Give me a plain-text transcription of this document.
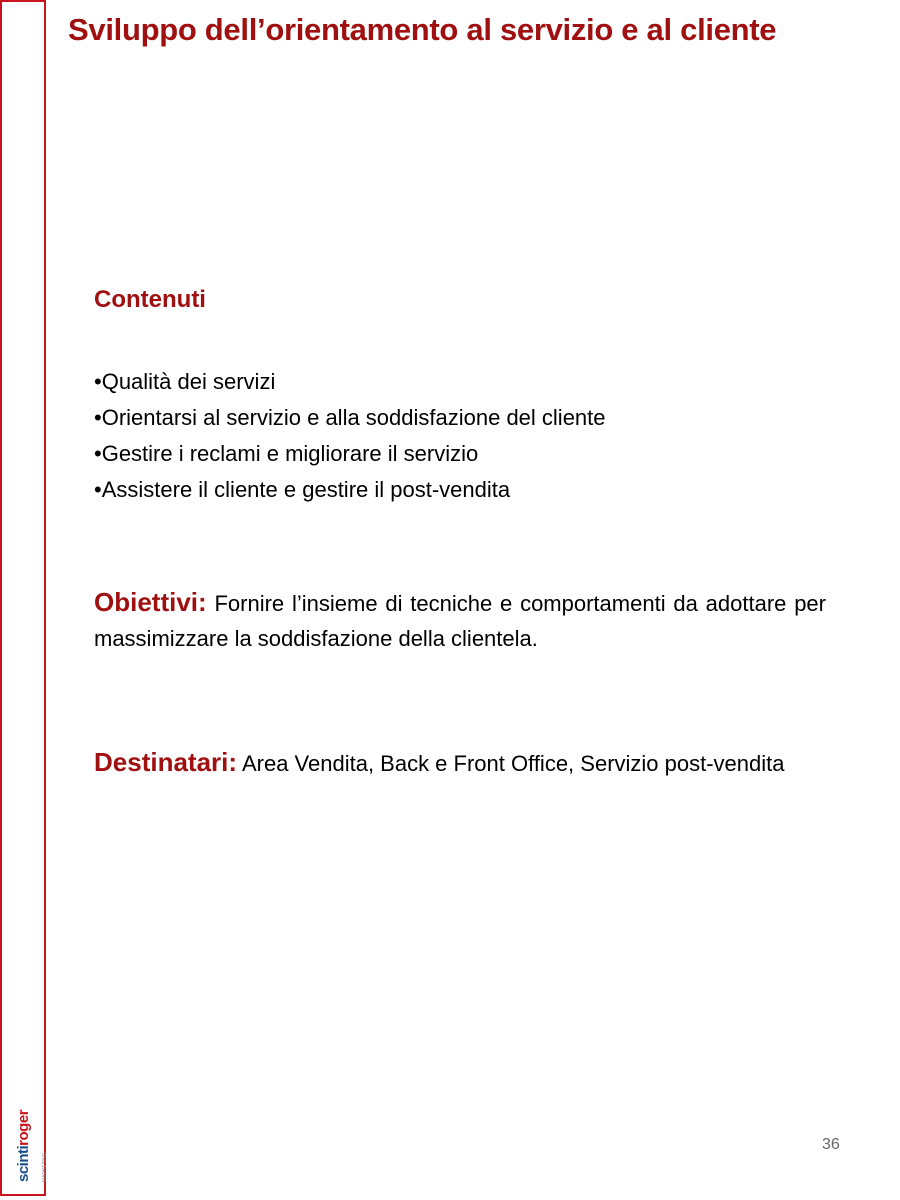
scintiroger
MARKETING
Sviluppo dell’orientamento al servizio e al cliente
Contenuti
•Qualità dei servizi
•Orientarsi al servizio e alla soddisfazione del cliente
•Gestire i reclami e migliorare il servizio
•Assistere il cliente e gestire il post-vendita

Obiettivi: Fornire l’insieme di tecniche e comportamenti da adottare per massimizzare la soddisfazione della clientela.

Destinatari: Area Vendita, Back e Front Office, Servizio post-vendita

36
